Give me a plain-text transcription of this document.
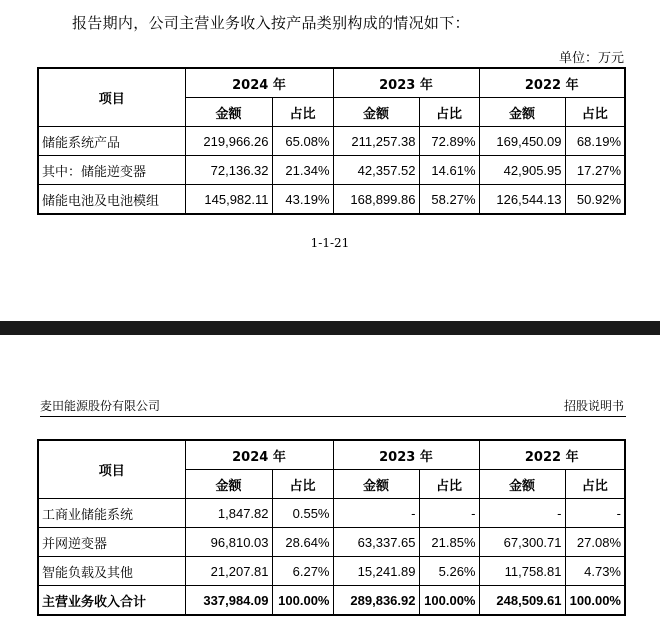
报告期内，公司主营业务收入按产品类别构成的情况如下：
单位：万元
项目	2024 年		2023 年		2022 年	
	金额	占比	金额	占比	金额	占比
储能系统产品	219,966.26	65.08%	211,257.38	72.89%	169,450.09	68.19%
其中：储能逆变器	72,136.32	21.34%	42,357.52	14.61%	42,905.95	17.27%
储能电池及电池模组	145,982.11	43.19%	168,899.86	58.27%	126,544.13	50.92%
1-1-21
麦田能源股份有限公司	招股说明书
项目	2024 年		2023 年		2022 年	
	金额	占比	金额	占比	金额	占比
工商业储能系统	1,847.82	0.55%	-	-	-	-
并网逆变器	96,810.03	28.64%	63,337.65	21.85%	67,300.71	27.08%
智能负载及其他	21,207.81	6.27%	15,241.89	5.26%	11,758.81	4.73%
主营业务收入合计	337,984.09	100.00%	289,836.92	100.00%	248,509.61	100.00%
